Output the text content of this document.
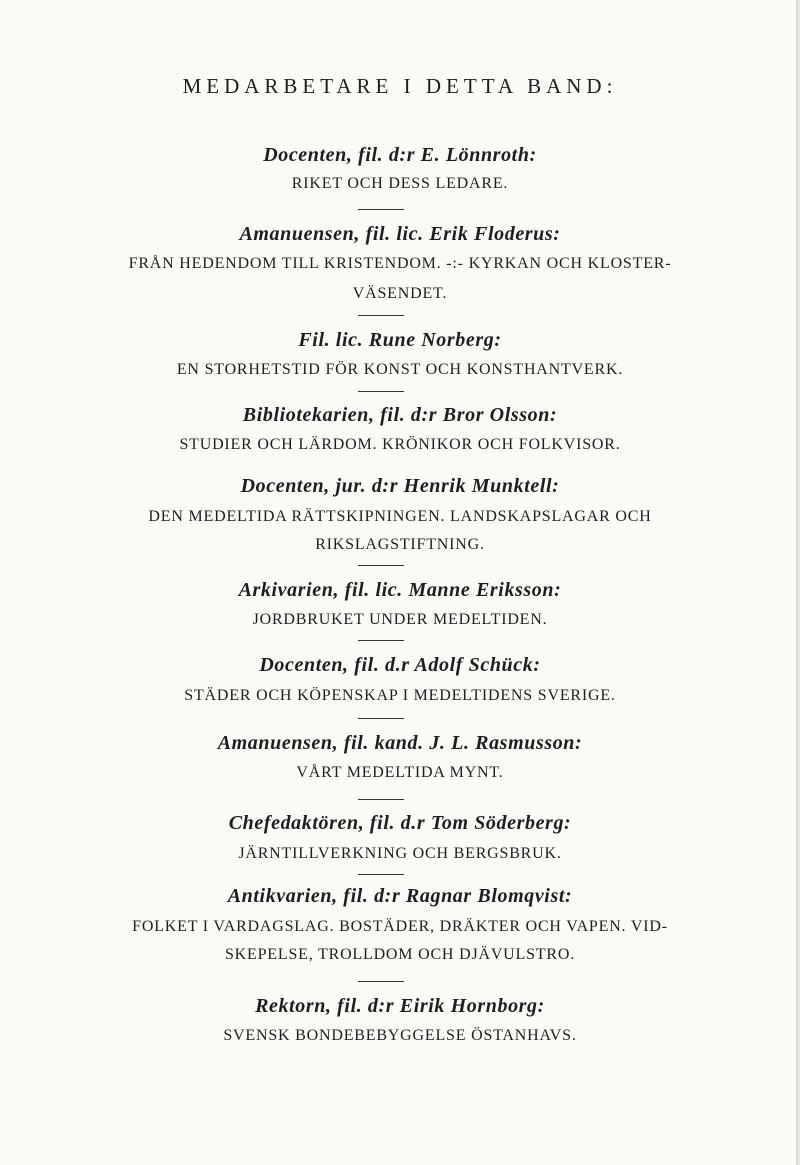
MEDARBETARE I DETTA BAND:
Docenten, fil. d:r E. Lönnroth:
RIKET OCH DESS LEDARE.
Amanuensen, fil. lic. Erik Floderus:
FRÅN HEDENDOM TILL KRISTENDOM. -:- KYRKAN OCH KLOSTER-
VÄSENDET.
Fil. lic. Rune Norberg:
EN STORHETSTID FÖR KONST OCH KONSTHANTVERK.
Bibliotekarien, fil. d:r Bror Olsson:
STUDIER OCH LÄRDOM. KRÖNIKOR OCH FOLKVISOR.
Docenten, jur. d:r Henrik Munktell:
DEN MEDELTIDA RÄTTSKIPNINGEN. LANDSKAPSLAGAR OCH
RIKSLAGSTIFTNING.
Arkivarien, fil. lic. Manne Eriksson:
JORDBRUKET UNDER MEDELTIDEN.
Docenten, fil. d.r Adolf Schück:
STÄDER OCH KÖPENSKAP I MEDELTIDENS SVERIGE.
Amanuensen, fil. kand. J. L. Rasmusson:
VÅRT MEDELTIDA MYNT.
Chefedaktören, fil. d.r Tom Söderberg:
JÄRNTILLVERKNING OCH BERGSBRUK.
Antikvarien, fil. d:r Ragnar Blomqvist:
FOLKET I VARDAGSLAG. BOSTÄDER, DRÄKTER OCH VAPEN. VID-
SKEPELSE, TROLLDOM OCH DJÄVULSTRO.
Rektorn, fil. d:r Eirik Hornborg:
SVENSK BONDEBEBYGGELSE ÖSTANHAVS.
